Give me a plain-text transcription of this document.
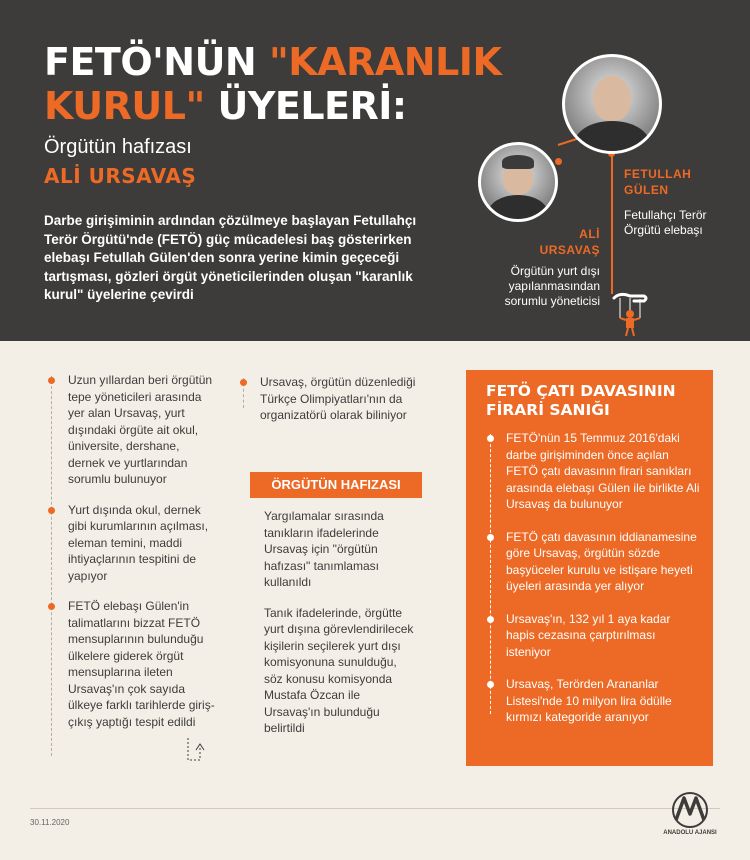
FETÖ'NÜN "KARANLIK KURUL" ÜYELERİ:
Örgütün hafızası
ALİ URSAVAŞ
Darbe girişiminin ardından çözülmeye başlayan Fetullahçı Terör Örgütü'nde (FETÖ) güç mücadelesi baş gösterirken elebaşı Fetullah Gülen'den sonra yerine kimin geçeceği tartışması, gözleri örgüt yöneticilerinden oluşan "karanlık kurul" üyelerine çevirdi
FETULLAH
GÜLEN
Fetullahçı Terör Örgütü elebaşı
ALİ
URSAVAŞ
Örgütün yurt dışı yapılanmasından sorumlu yöneticisi
Uzun yıllardan beri örgütün tepe yöneticileri arasında yer alan Ursavaş, yurt dışındaki örgüte ait okul, üniversite, dershane, dernek ve yurtlarından sorumlu bulunuyor
Yurt dışında okul, dernek gibi kurumlarının açılması, eleman temini, maddi ihtiyaçlarının tespitini de yapıyor
FETÖ elebaşı Gülen'in talimatlarını bizzat FETÖ mensuplarının bulunduğu ülkelere giderek örgüt mensuplarına ileten Ursavaş'ın çok sayıda ülkeye farklı tarihlerde giriş-çıkış yaptığı tespit edildi
Ursavaş, örgütün düzenlediği Türkçe Olimpiyatları'nın da organizatörü olarak biliniyor
ÖRGÜTÜN HAFIZASI

Yargılamalar sırasında tanıkların ifadelerinde Ursavaş için "örgütün hafızası" tanımlaması kullanıldı

Tanık ifadelerinde, örgütte yurt dışına görevlendirilecek kişilerin seçilerek yurt dışı komisyonuna sunulduğu, söz konusu komisyonda Mustafa Özcan ile Ursavaş'ın bulunduğu belirtildi

FETÖ ÇATI DAVASININ FİRARİ SANIĞI
FETÖ'nün 15 Temmuz 2016'daki darbe girişiminden önce açılan FETÖ çatı davasının firari sanıkları arasında elebaşı Gülen ile birlikte Ali Ursavaş da bulunuyor
FETÖ çatı davasının iddianamesine göre Ursavaş, örgütün sözde başyüceler kurulu ve istişare heyeti üyeleri arasında yer alıyor
Ursavaş'ın, 132 yıl 1 aya kadar hapis cezasına çarptırılması isteniyor
Ursavaş, Terörden Arananlar Listesi'nde 10 milyon lira ödülle kırmızı kategoride aranıyor
30.11.2020
ANADOLU AJANSI
